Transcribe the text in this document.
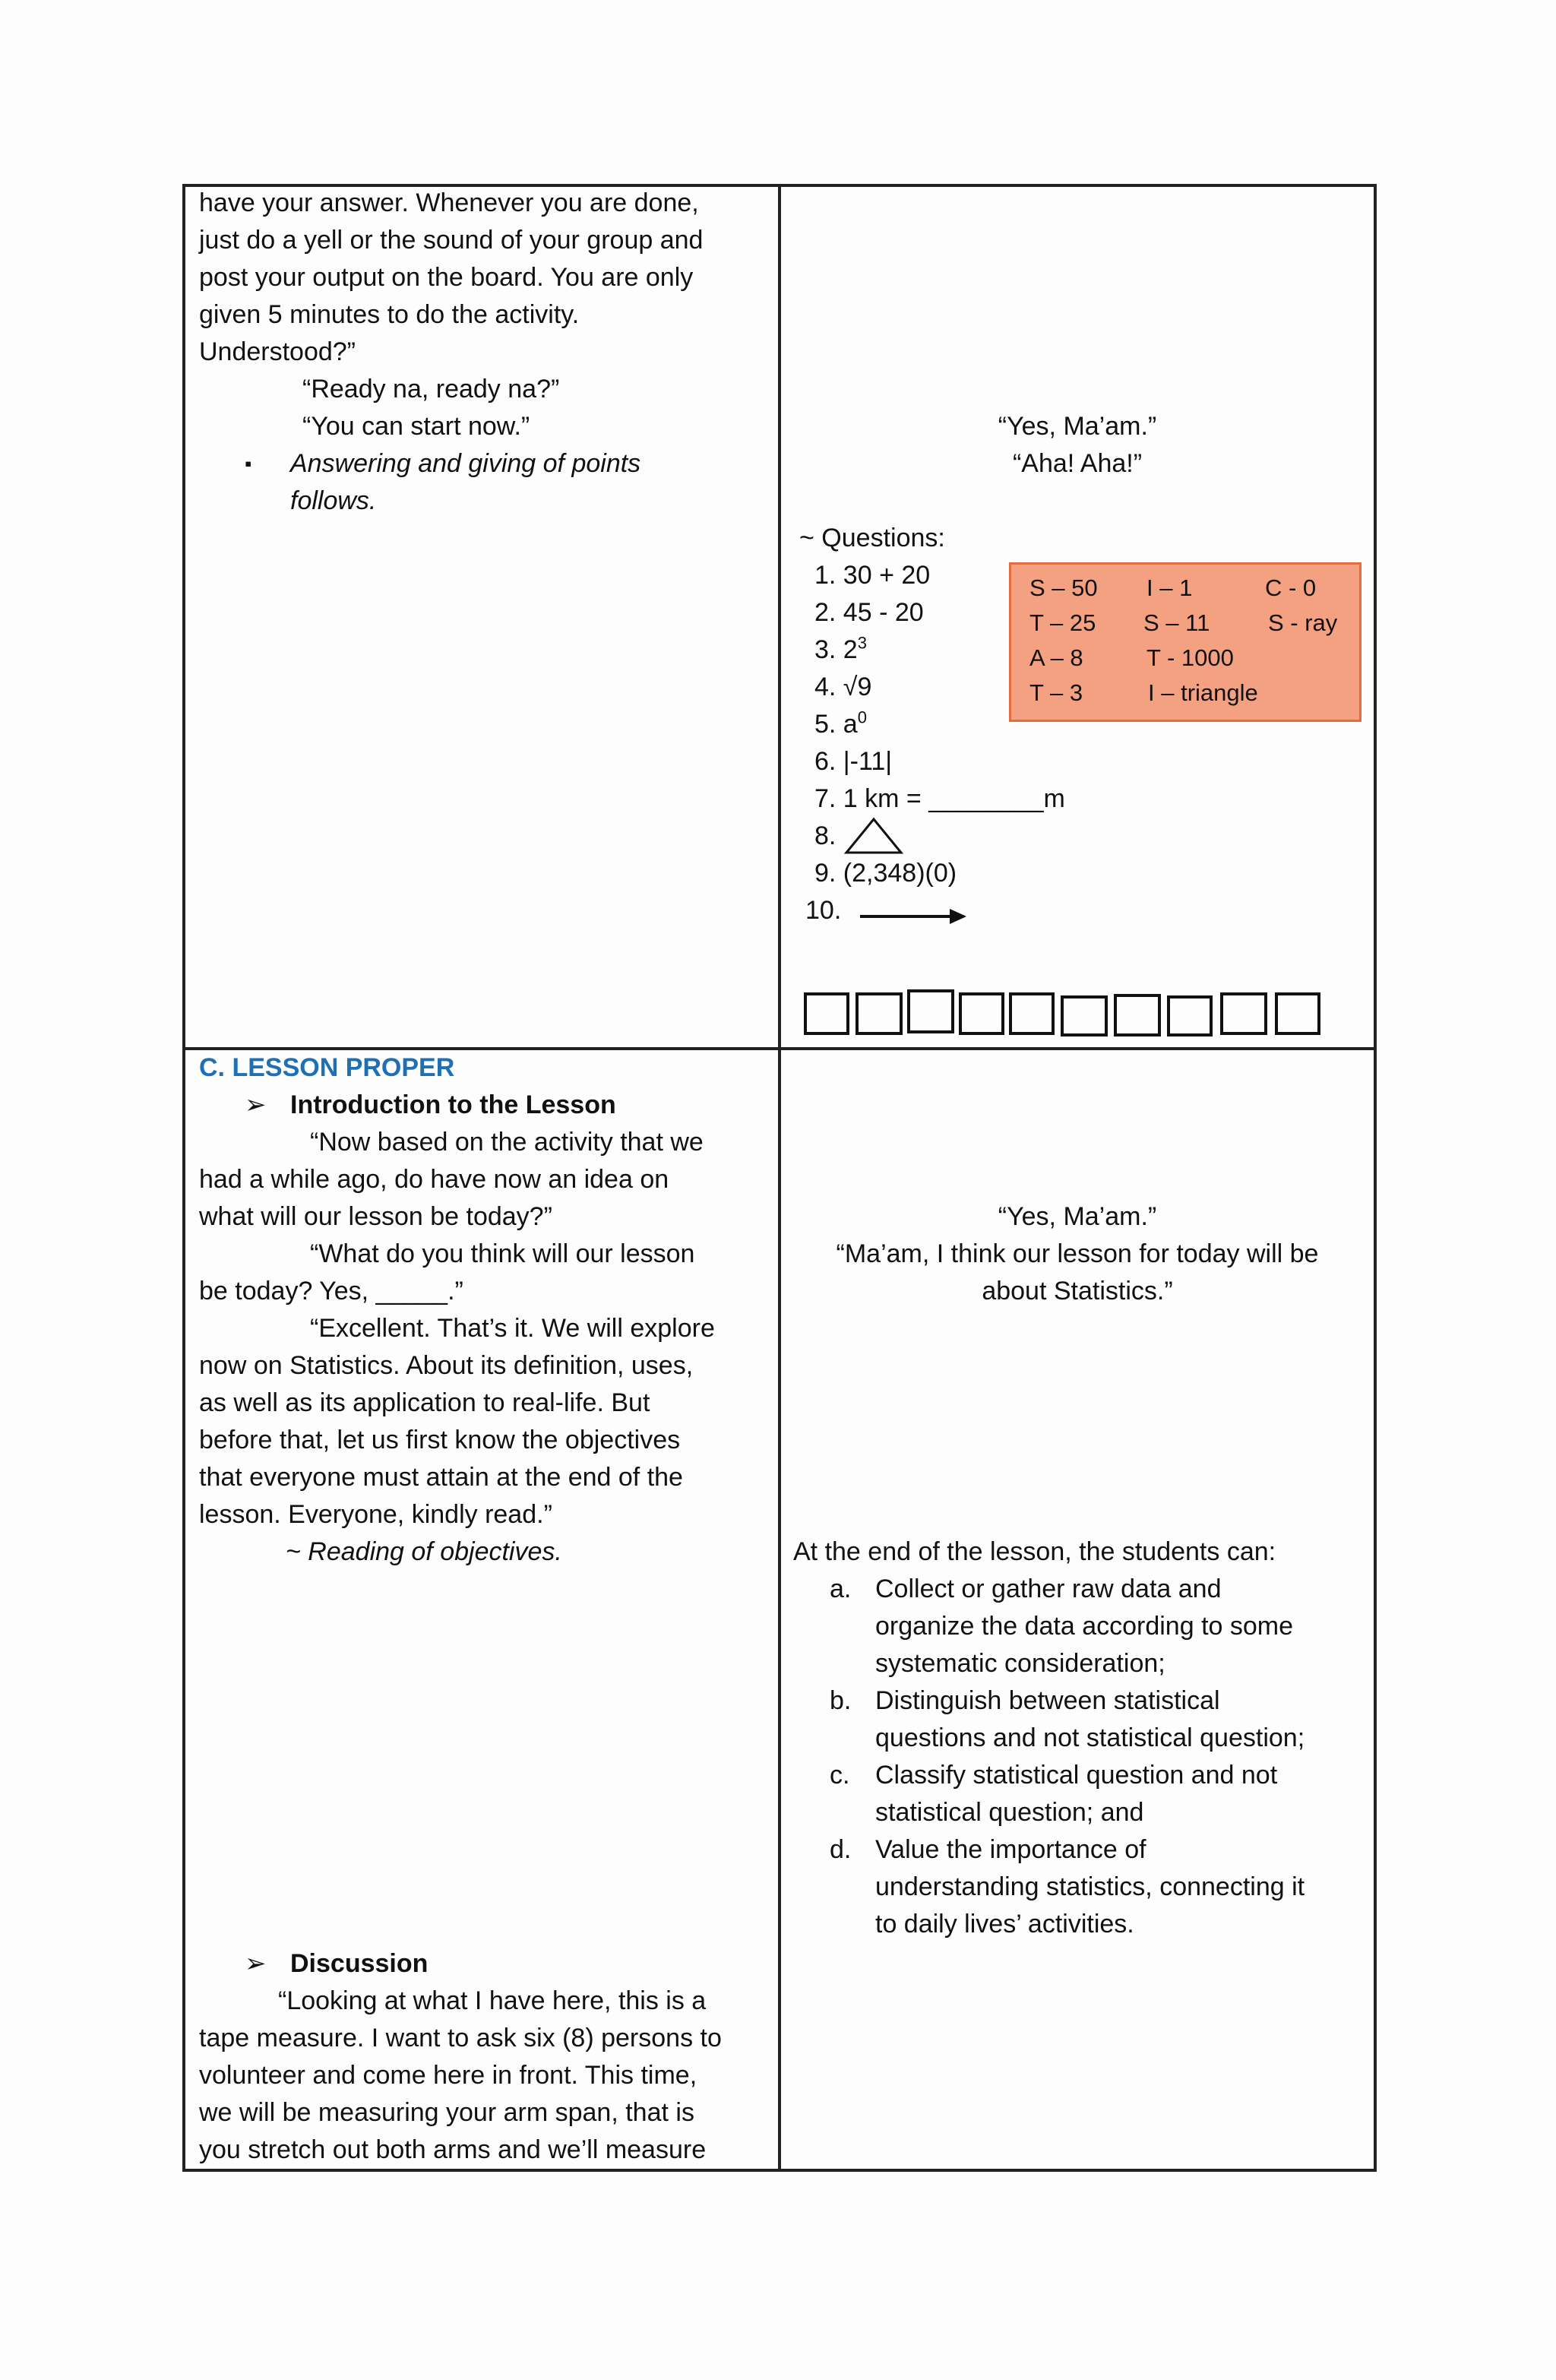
have your answer. Whenever you are done,
just do a yell or the sound of your group and
post your output on the board. You are only
given 5 minutes to do the activity.
Understood?”
“Ready na, ready na?”
“You can start now.”
▪ Answering and giving of points
follows.
“Yes, Ma’am.”
“Aha! Aha!”
~ Questions:
1. 30 + 20
2. 45 - 20
3. $2^3$
4. √9
5. $a^0$
6. |-11|
7. 1 km = ________m
8.
9. (2,348)(0)
10.
S – 50
T – 25
A – 8
T – 3
I – 1
S – 11
T - 1000
I – triangle
C - 0
S - ray
C. LESSON PROPER
➢ Introduction to the Lesson
“Now based on the activity that we
had a while ago, do have now an idea on
what will our lesson be today?”
“What do you think will our lesson
be today? Yes, _____.”
“Excellent. That’s it. We will explore
now on Statistics. About its definition, uses,
as well as its application to real-life. But
before that, let us first know the objectives
that everyone must attain at the end of the
lesson. Everyone, kindly read.”
~ Reading of objectives.
➢ Discussion
“Looking at what I have here, this is a
tape measure. I want to ask six (8) persons to
volunteer and come here in front. This time,
we will be measuring your arm span, that is
you stretch out both arms and we’ll measure
“Yes, Ma’am.”
“Ma’am, I think our lesson for today will be
about Statistics.”
At the end of the lesson, the students can:
a. Collect or gather raw data and
organize the data according to some
systematic consideration;
b. Distinguish between statistical
questions and not statistical question;
c. Classify statistical question and not
statistical question; and
d. Value the importance of
understanding statistics, connecting it
to daily lives’ activities.
